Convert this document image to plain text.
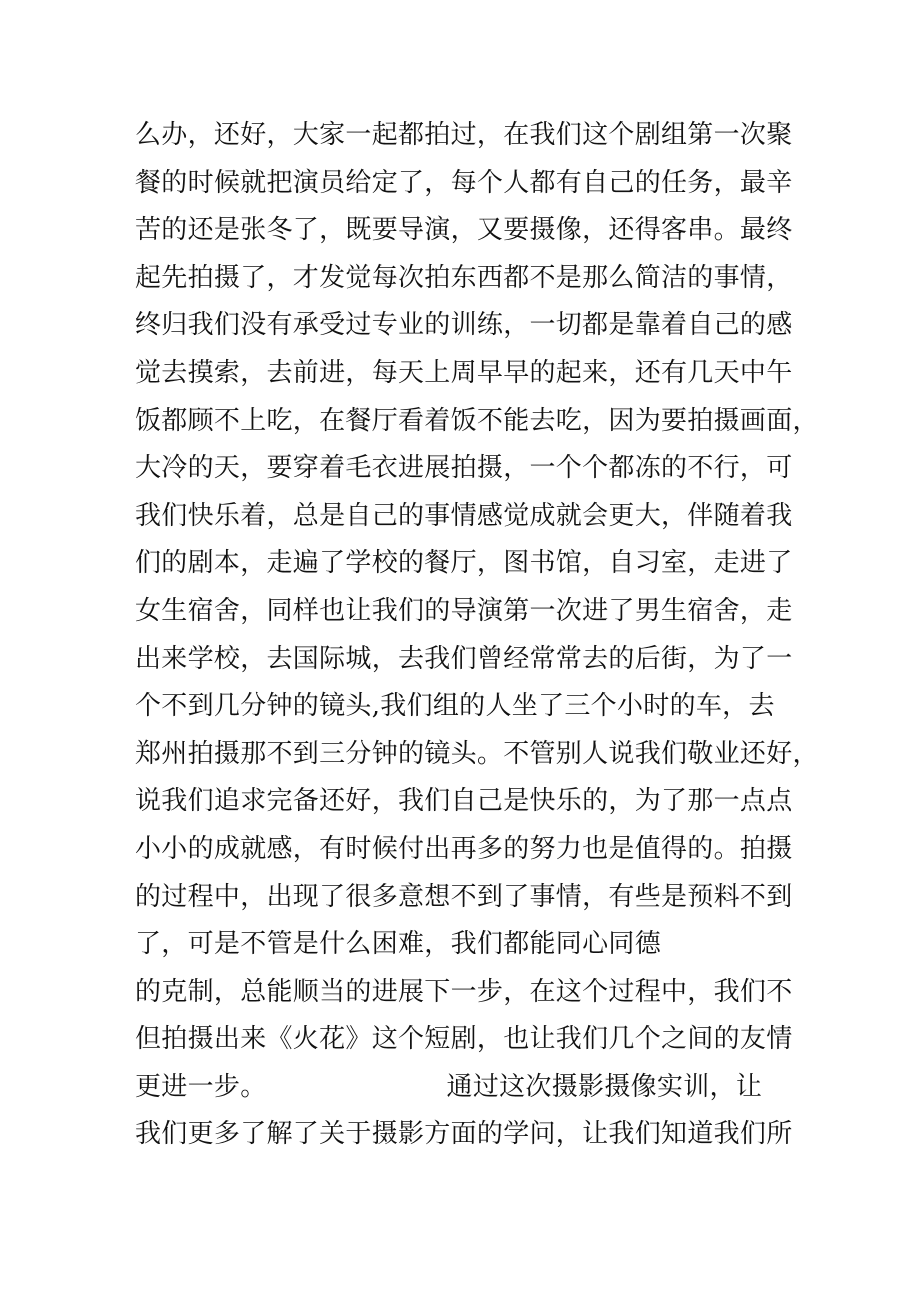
么办，还好，大家一起都拍过，在我们这个剧组第一次聚
餐的时候就把演员给定了，每个人都有自己的任务，最辛
苦的还是张冬了，既要导演，又要摄像，还得客串。最终
起先拍摄了，才发觉每次拍东西都不是那么简洁的事情，
终归我们没有承受过专业的训练，一切都是靠着自己的感
觉去摸索，去前进，每天上周早早的起来，还有几天中午
饭都顾不上吃，在餐厅看着饭不能去吃，因为要拍摄画面，
大冷的天，要穿着毛衣进展拍摄，一个个都冻的不行，可
我们快乐着，总是自己的事情感觉成就会更大，伴随着我
们的剧本，走遍了学校的餐厅，图书馆，自习室，走进了
女生宿舍，同样也让我们的导演第一次进了男生宿舍，走
出来学校，去国际城，去我们曾经常常去的后街，为了一
个不到几分钟的镜头,我们组的人坐了三个小时的车，去
郑州拍摄那不到三分钟的镜头。不管别人说我们敬业还好，
说我们追求完备还好，我们自己是快乐的，为了那一点点
小小的成就感，有时候付出再多的努力也是值得的。拍摄
的过程中，出现了很多意想不到了事情，有些是预料不到
了，可是不管是什么困难，我们都能同心同德
的克制，总能顺当的进展下一步，在这个过程中，我们不
但拍摄出来《火花》这个短剧，也让我们几个之间的友情
更进一步。	通过这次摄影摄像实训，让
我们更多了解了关于摄影方面的学问，让我们知道我们所
